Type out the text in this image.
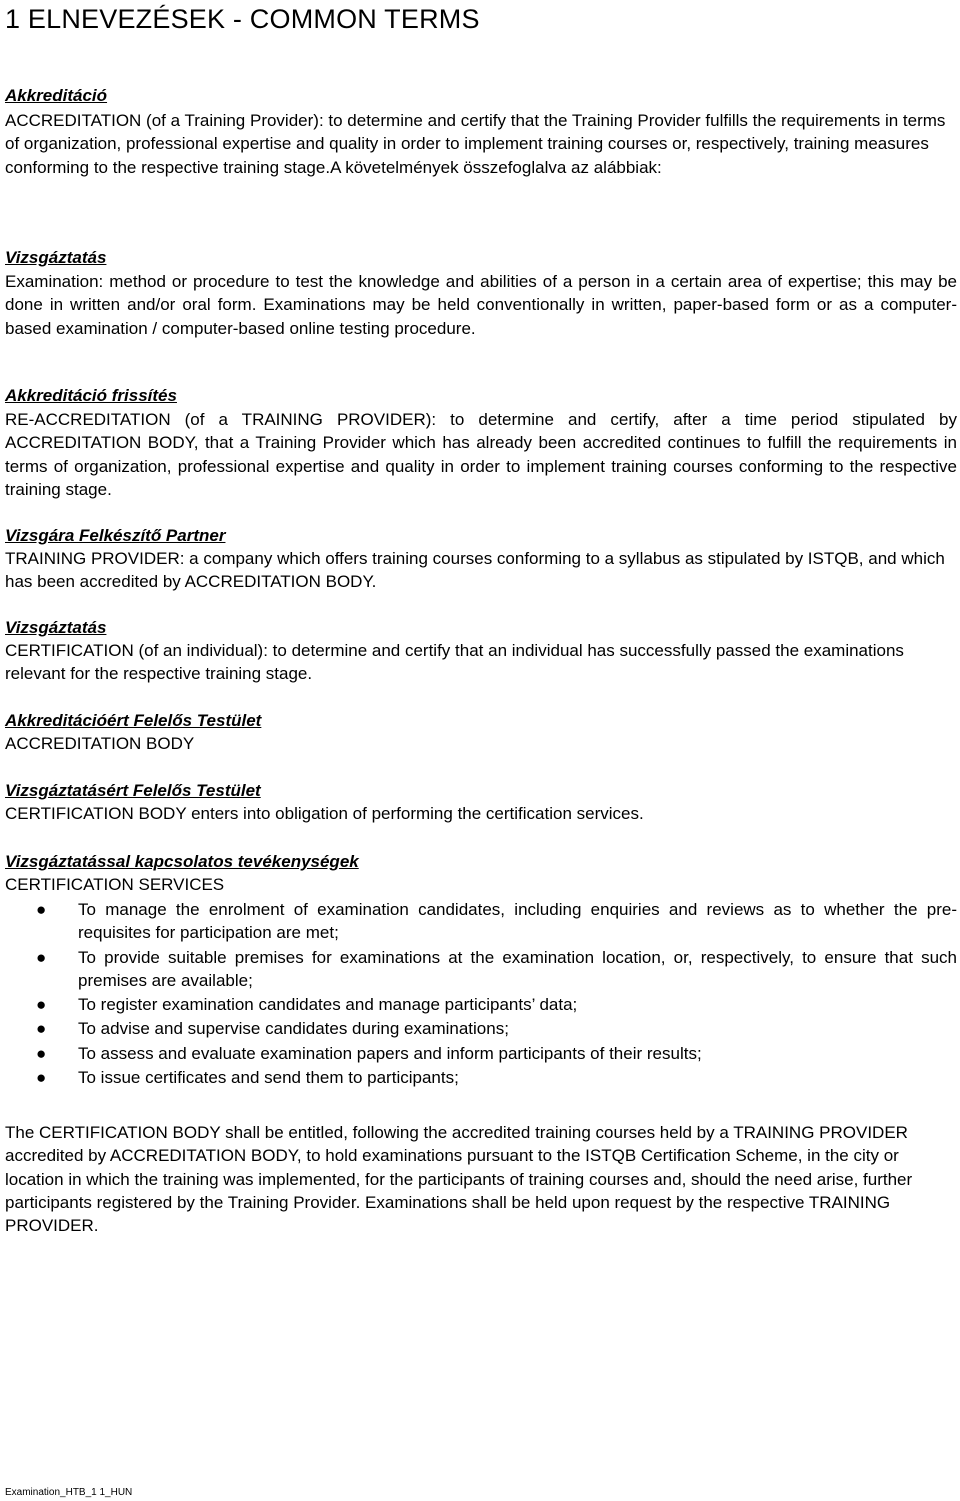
1 ELNEVEZÉSEK - COMMON TERMS
Akkreditáció
ACCREDITATION (of a Training Provider): to determine and certify that the Training Provider fulfills the requirements in terms of organization, professional expertise and quality in order to implement training courses or, respectively, training measures conforming to the respective training stage.A követelmények összefoglalva az alábbiak:
Vizsgáztatás
Examination: method or procedure to test the knowledge and abilities of a person in a certain area of expertise; this may be done in written and/or oral form. Examinations may be held conventionally in written, paper-based form or as a computer-based examination / computer-based online testing procedure.
Akkreditáció frissítés
RE-ACCREDITATION (of a TRAINING PROVIDER): to determine and certify, after a time period stipulated by ACCREDITATION BODY, that a Training Provider which has already been accredited continues to fulfill the requirements in terms of organization, professional expertise and quality in order to implement training courses conforming to the respective training stage.
Vizsgára Felkészítő Partner
TRAINING PROVIDER: a company which offers training courses conforming to a syllabus as stipulated by ISTQB, and which has been accredited by ACCREDITATION BODY.
Vizsgáztatás
CERTIFICATION (of an individual): to determine and certify that an individual has successfully passed the examinations relevant for the respective training stage.
Akkreditációért Felelős Testület
ACCREDITATION BODY
Vizsgáztatásért Felelős Testület
CERTIFICATION BODY enters into obligation of performing the certification services.
Vizsgáztatással kapcsolatos tevékenységek
CERTIFICATION SERVICES
● To manage the enrolment of examination candidates, including enquiries and reviews as to whether the pre-requisites for participation are met;
● To provide suitable premises for examinations at the examination location, or, respectively, to ensure that such premises are available;
● To register examination candidates and manage participants’ data;
● To advise and supervise candidates during examinations;
● To assess and evaluate examination papers and inform participants of their results;
● To issue certificates and send them to participants;
The CERTIFICATION BODY shall be entitled, following the accredited training courses held by a TRAINING PROVIDER accredited by ACCREDITATION BODY, to hold examinations pursuant to the ISTQB Certification Scheme, in the city or location in which the training was implemented, for the participants of training courses and, should the need arise, further participants registered by the Training Provider. Examinations shall be held upon request by the respective TRAINING PROVIDER.
Examination_HTB_1 1_HUN
